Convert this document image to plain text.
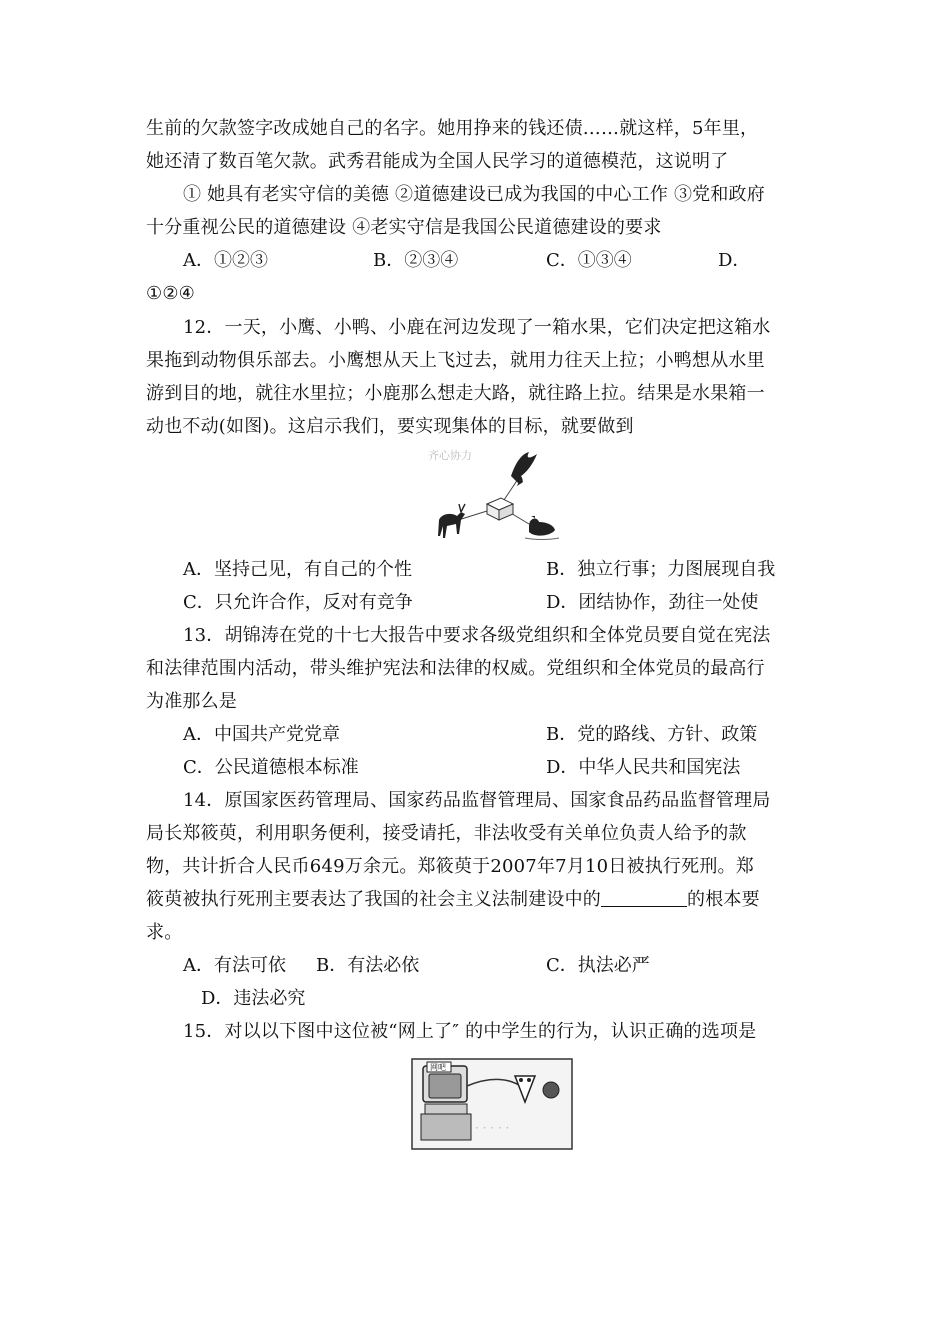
生前的欠款签字改成她自己的名字。她用挣来的钱还债……就这样，5年里，
她还清了数百笔欠款。武秀君能成为全国人民学习的道德模范，这说明了
① 她具有老实守信的美德 ②道德建设已成为我国的中心工作 ③党和政府
十分重视公民的道德建设 ④老实守信是我国公民道德建设的要求
A．①②③	B．②③④	C．①③④	D．
①②④
12．一天，小鹰、小鸭、小鹿在河边发现了一箱水果，它们决定把这箱水
果拖到动物俱乐部去。小鹰想从天上飞过去，就用力往天上拉；小鸭想从水里
游到目的地，就往水里拉；小鹿那么想走大路，就往路上拉。结果是水果箱一
动也不动(如图)。这启示我们，要实现集体的目标，就要做到
齐心协力
A．坚持己见，有自己的个性	B．独立行事；力图展现自我
C．只允许合作，反对有竞争	D．团结协作，劲往一处使
13．胡锦涛在党的十七大报告中要求各级党组织和全体党员要自觉在宪法
和法律范围内活动，带头维护宪法和法律的权威。党组织和全体党员的最高行
为准那么是
A．中国共产党党章	B．党的路线、方针、政策
C．公民道德根本标准	D．中华人民共和国宪法
14．原国家医药管理局、国家药品监督管理局、国家食品药品监督管理局
局长郑筱萸，利用职务便利，接受请托，非法收受有关单位负责人给予的款
物，共计折合人民币649万余元。郑筱萸于2007年7月10日被执行死刑。郑
筱萸被执行死刑主要表达了我国的社会主义法制建设中的	的根本要
求。
A．有法可依 B．有法必依	C．执法必严
D．违法必究
15．对以以下图中这位被“网上了″ 的中学生的行为，认识正确的选项是
网吧
· · · · ·
